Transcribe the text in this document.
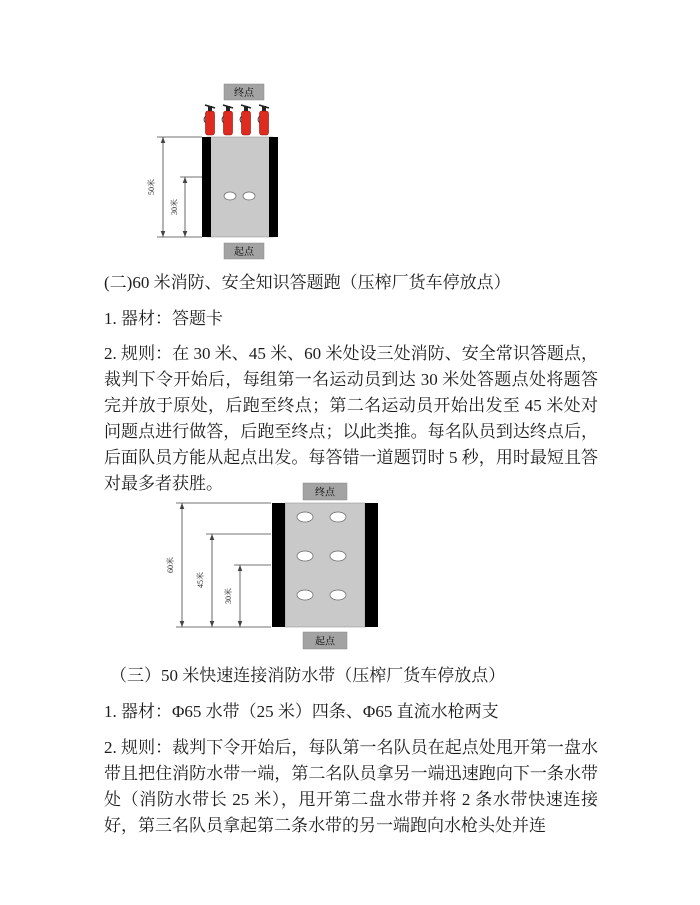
终点
起点
50米
30米
(二)60 米消防、安全知识答题跑（压榨厂货车停放点）
1. 器材：答题卡
2. 规则：在 30 米、45 米、60 米处设三处消防、安全常识答题点，裁判下令开始后，每组第一名运动员到达 30 米处答题点处将题答完并放于原处，后跑至终点；第二名运动员开始出发至 45 米处对问题点进行做答，后跑至终点；以此类推。每名队员到达终点后，后面队员方能从起点出发。每答错一道题罚时 5 秒，用时最短且答对最多者获胜。	终点
起点
60米
45米
30米
（三）50 米快速连接消防水带（压榨厂货车停放点）
1. 器材：Φ65 水带（25 米）四条、Φ65 直流水枪两支
2. 规则：裁判下令开始后，每队第一名队员在起点处甩开第一盘水带且把住消防水带一端，第二名队员拿另一端迅速跑向下一条水带处（消防水带长 25 米），甩开第二盘水带并将 2 条水带快速连接好，第三名队员拿起第二条水带的另一端跑向水枪头处并连
